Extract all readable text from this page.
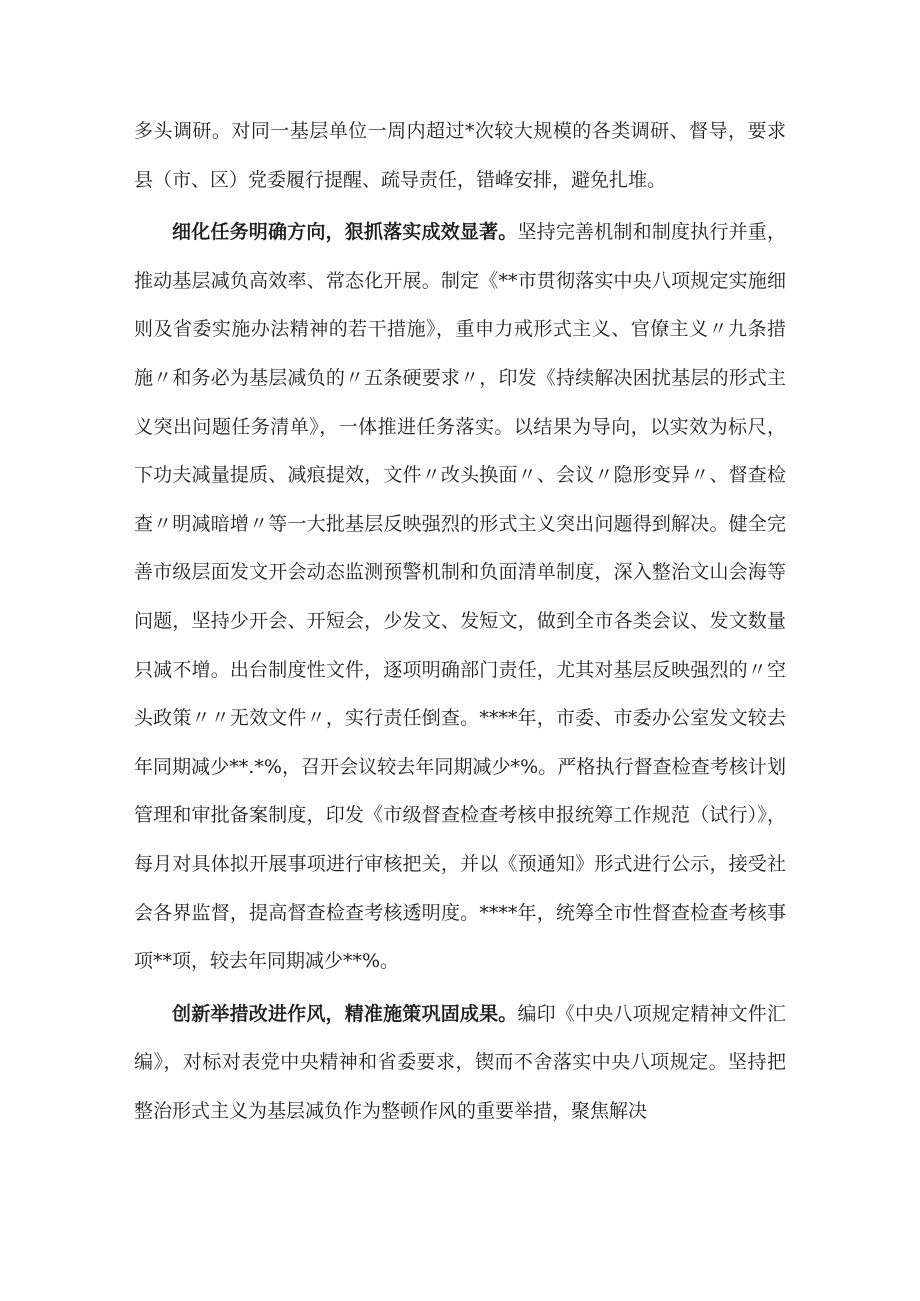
多头调研。对同一基层单位一周内超过*次较大规模的各类调研、督导，要求县（市、区）党委履行提醒、疏导责任，错峰安排，避免扎堆。

细化任务明确方向，狠抓落实成效显著。坚持完善机制和制度执行并重，推动基层减负高效率、常态化开展。制定《**市贯彻落实中央八项规定实施细则及省委实施办法精神的若干措施》，重申力戒形式主义、官僚主义〃九条措施〃和务必为基层减负的〃五条硬要求〃，印发《持续解决困扰基层的形式主义突出问题任务清单》，一体推进任务落实。以结果为导向，以实效为标尺，下功夫减量提质、减痕提效，文件〃改头换面〃、会议〃隐形变异〃、督查检查〃明减暗增〃等一大批基层反映强烈的形式主义突出问题得到解决。健全完善市级层面发文开会动态监测预警机制和负面清单制度，深入整治文山会海等问题，坚持少开会、开短会，少发文、发短文，做到全市各类会议、发文数量只减不增。出台制度性文件，逐项明确部门责任，尤其对基层反映强烈的〃空头政策〃〃无效文件〃，实行责任倒查。****年，市委、市委办公室发文较去年同期减少**.*%，召开会议较去年同期减少*%。严格执行督查检查考核计划管理和审批备案制度，印发《市级督查检查考核申报统筹工作规范（试行）》，每月对具体拟开展事项进行审核把关，并以《预通知》形式进行公示，接受社会各界监督，提高督查检查考核透明度。****年，统筹全市性督查检查考核事项**项，较去年同期减少**%。

创新举措改进作风，精准施策巩固成果。编印《中央八项规定精神文件汇编》，对标对表党中央精神和省委要求，锲而不舍落实中央八项规定。坚持把整治形式主义为基层减负作为整顿作风的重要举措，聚焦解决
